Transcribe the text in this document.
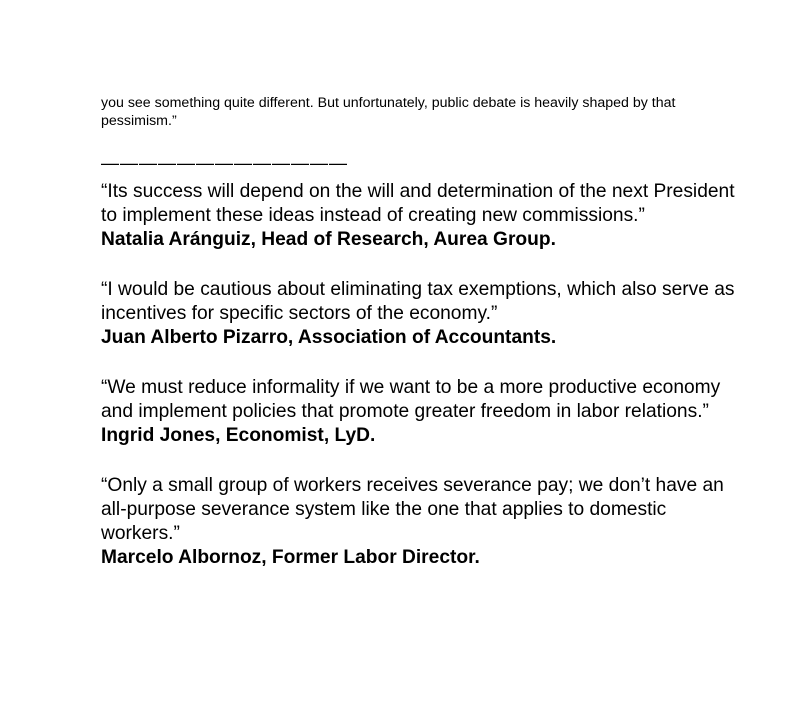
you see something quite different. But unfortunately, public debate is heavily shaped by that pessimism.”

—————————————

“Its success will depend on the will and determination of the next President to implement these ideas instead of creating new commissions.”

Natalia Aránguiz, Head of Research, Aurea Group.

“I would be cautious about eliminating tax exemptions, which also serve as incentives for specific sectors of the economy.”

Juan Alberto Pizarro, Association of Accountants.

“We must reduce informality if we want to be a more productive economy and implement policies that promote greater freedom in labor relations.”

Ingrid Jones, Economist, LyD.

“Only a small group of workers receives severance pay; we don’t have an all-purpose severance system like the one that applies to domestic workers.”

Marcelo Albornoz, Former Labor Director.
